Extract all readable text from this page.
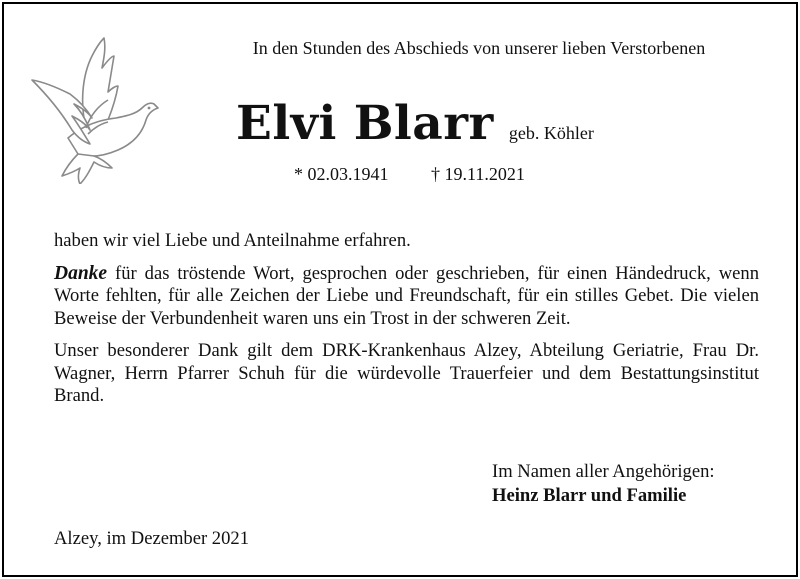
In den Stunden des Abschieds von unserer lieben Verstorbenen
Elvi Blarr geb. Köhler
* 02.03.1941 † 19.11.2021

haben wir viel Liebe und Anteilnahme erfahren.

Danke für das tröstende Wort, gesprochen oder geschrieben, für einen Händedruck, wenn Worte fehlten, für alle Zeichen der Liebe und Freundschaft, für ein stilles Gebet. Die vielen Beweise der Verbundenheit waren uns ein Trost in der schweren Zeit.

Unser besonderer Dank gilt dem DRK-Krankenhaus Alzey, Abteilung Geriatrie, Frau Dr. Wagner, Herrn Pfarrer Schuh für die würdevolle Trauerfeier und dem Bestattungsinstitut Brand.

Im Namen aller Angehörigen:
Heinz Blarr und Familie
Alzey, im Dezember 2021
